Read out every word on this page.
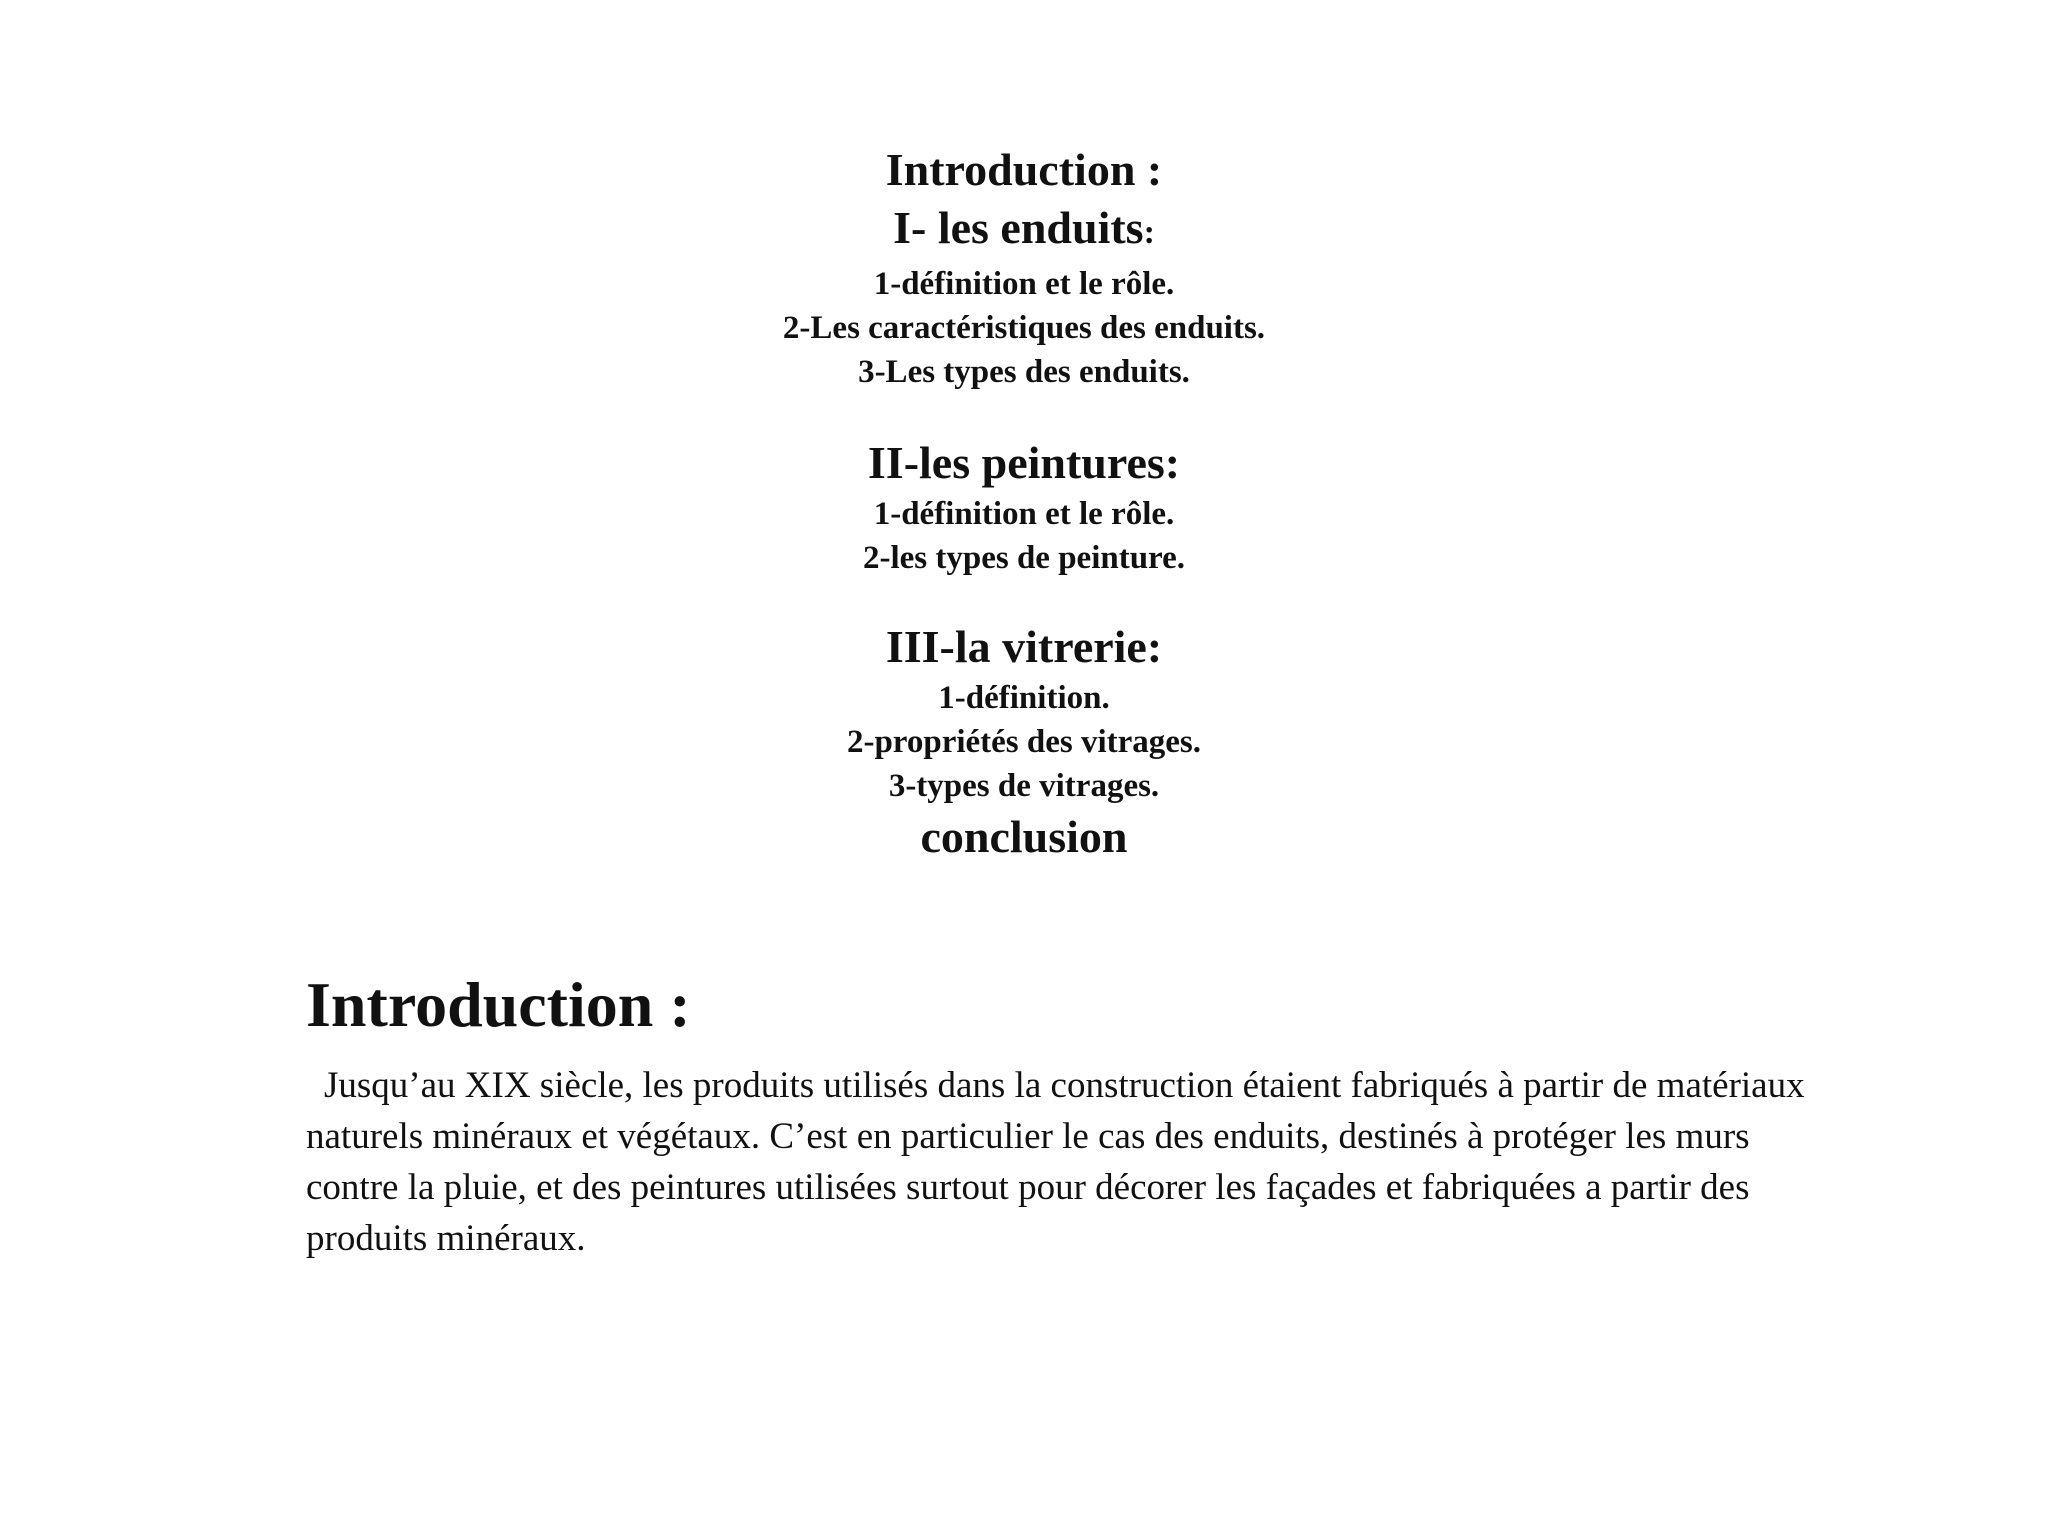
Introduction :

I- les enduits:

1-définition et le rôle.

2-Les caractéristiques des enduits.

3-Les types des enduits.

II-les peintures:

1-définition et le rôle.

2-les types de peinture.

III-la vitrerie:

1-définition.

2-propriétés des vitrages.

3-types de vitrages.

conclusion

Introduction :

Jusqu’au XIX siècle, les produits utilisés dans la construction étaient fabriqués à partir de matériaux naturels minéraux et végétaux. C’est en particulier le cas des enduits, destinés à protéger les murs contre la pluie, et des peintures utilisées surtout pour décorer les façades et fabriquées a partir des produits minéraux.
